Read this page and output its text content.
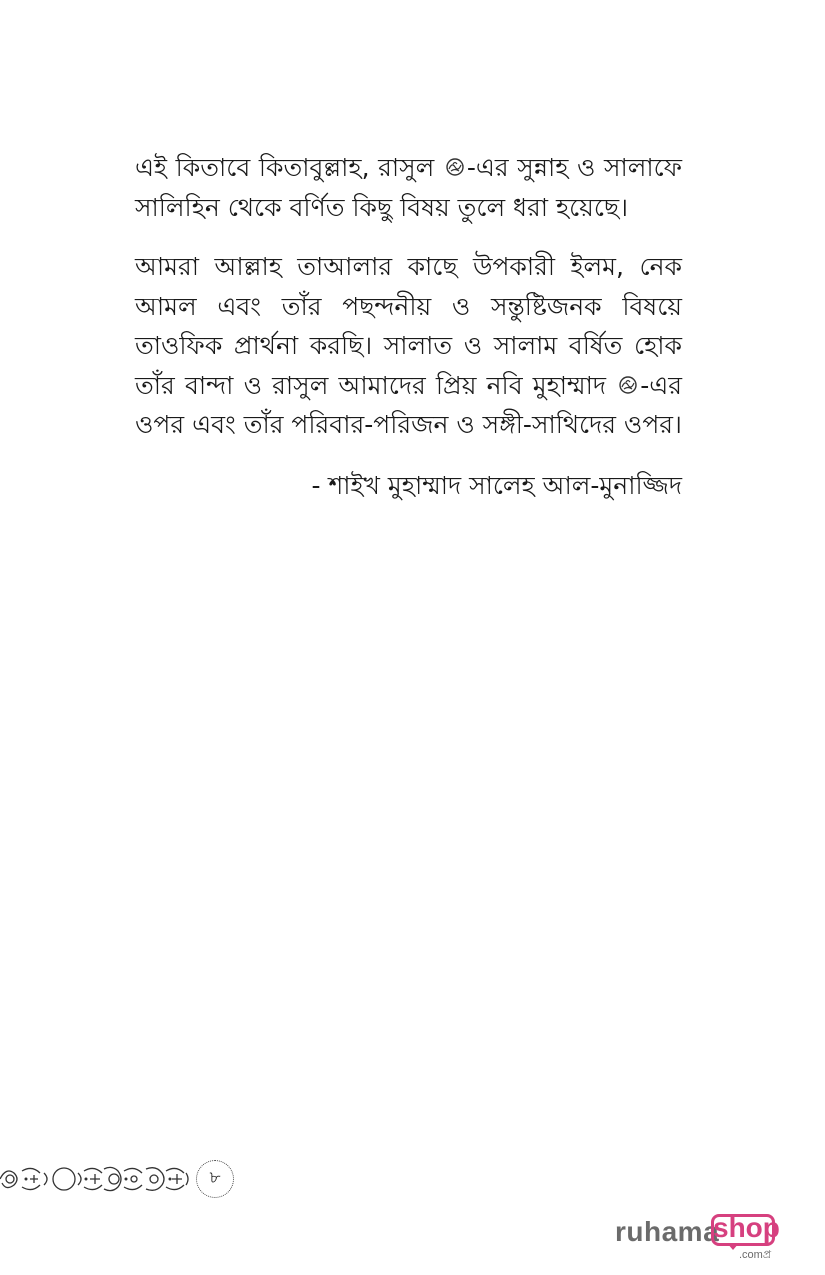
এই কিতাবে কিতাবুল্লাহ, রাসুল
-এর সুন্নাহ ও সালাফে সালিহিন থেকে বর্ণিত কিছু বিষয় তুলে ধরা হয়েছে।

আমরা আল্লাহ তাআলার কাছে উপকারী ইলম, নেক আমল এবং তাঁর পছন্দনীয় ও সন্তুষ্টিজনক বিষয়ে তাওফিক প্রার্থনা করছি। সালাত ও সালাম বর্ষিত হোক তাঁর বান্দা ও রাসুল আমাদের প্রিয় নবি মুহাম্মাদ
-এর ওপর এবং তাঁর পরিবার-পরিজন ও সঙ্গী-সাথিদের ওপর।

- শাইখ মুহাম্মাদ সালেহ আল-মুনাজ্জিদ
৮
ruhama
shop
.comপ্র
